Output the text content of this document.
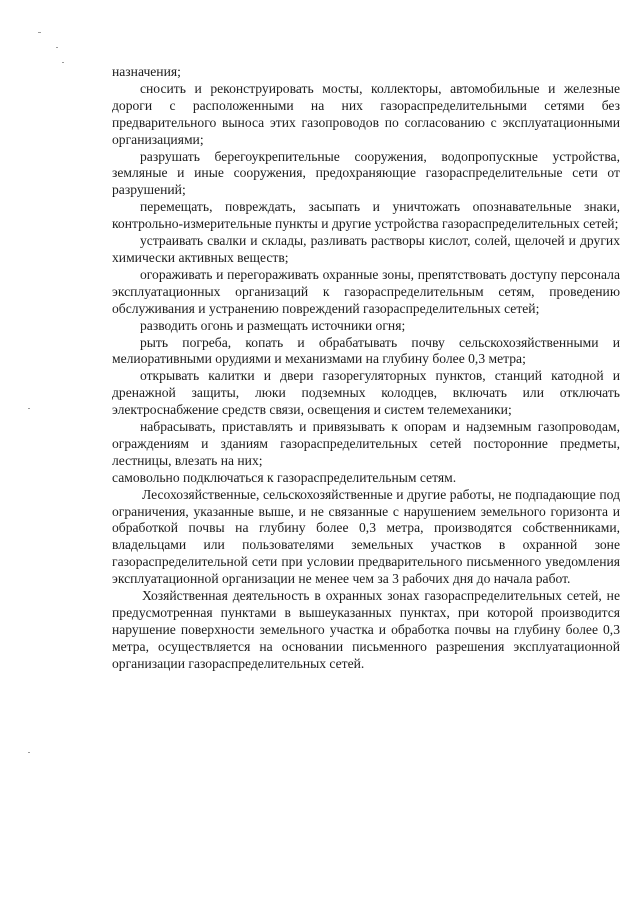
назначения;

сносить и реконструировать мосты, коллекторы, автомобильные и железные дороги с расположенными на них газораспределительными сетями без предварительного выноса этих газопроводов по согласованию с эксплуатационными организациями;

разрушать берегоукрепительные сооружения, водопропускные устройства, земляные и иные сооружения, предохраняющие газораспределительные сети от разрушений;

перемещать, повреждать, засыпать и уничтожать опознавательные знаки, контрольно-измерительные пункты и другие устройства газораспределительных сетей;

устраивать свалки и склады, разливать растворы кислот, солей, щелочей и других химически активных веществ;

огораживать и перегораживать охранные зоны, препятствовать доступу персонала эксплуатационных организаций к газораспределительным сетям, проведению обслуживания и устранению повреждений газораспределительных сетей;

разводить огонь и размещать источники огня;

рыть погреба, копать и обрабатывать почву сельскохозяйственными и мелиоративными орудиями и механизмами на глубину более 0,3 метра;

открывать калитки и двери газорегуляторных пунктов, станций катодной и дренажной защиты, люки подземных колодцев, включать или отключать электроснабжение средств связи, освещения и систем телемеханики;

набрасывать, приставлять и привязывать к опорам и надземным газопроводам, ограждениям и зданиям газораспределительных сетей посторонние предметы, лестницы, влезать на них;

самовольно подключаться к газораспределительным сетям.

Лесохозяйственные, сельскохозяйственные и другие работы, не подпадающие под ограничения, указанные выше, и не связанные с нарушением земельного горизонта и обработкой почвы на глубину более 0,3 метра, производятся собственниками, владельцами или пользователями земельных участков в охранной зоне газораспределительной сети при условии предварительного письменного уведомления эксплуатационной организации не менее чем за 3 рабочих дня до начала работ.

Хозяйственная деятельность в охранных зонах газораспределительных сетей, не предусмотренная пунктами в вышеуказанных пунктах, при которой производится нарушение поверхности земельного участка и обработка почвы на глубину более 0,3 метра, осуществляется на основании письменного разрешения эксплуатационной организации газораспределительных сетей.
